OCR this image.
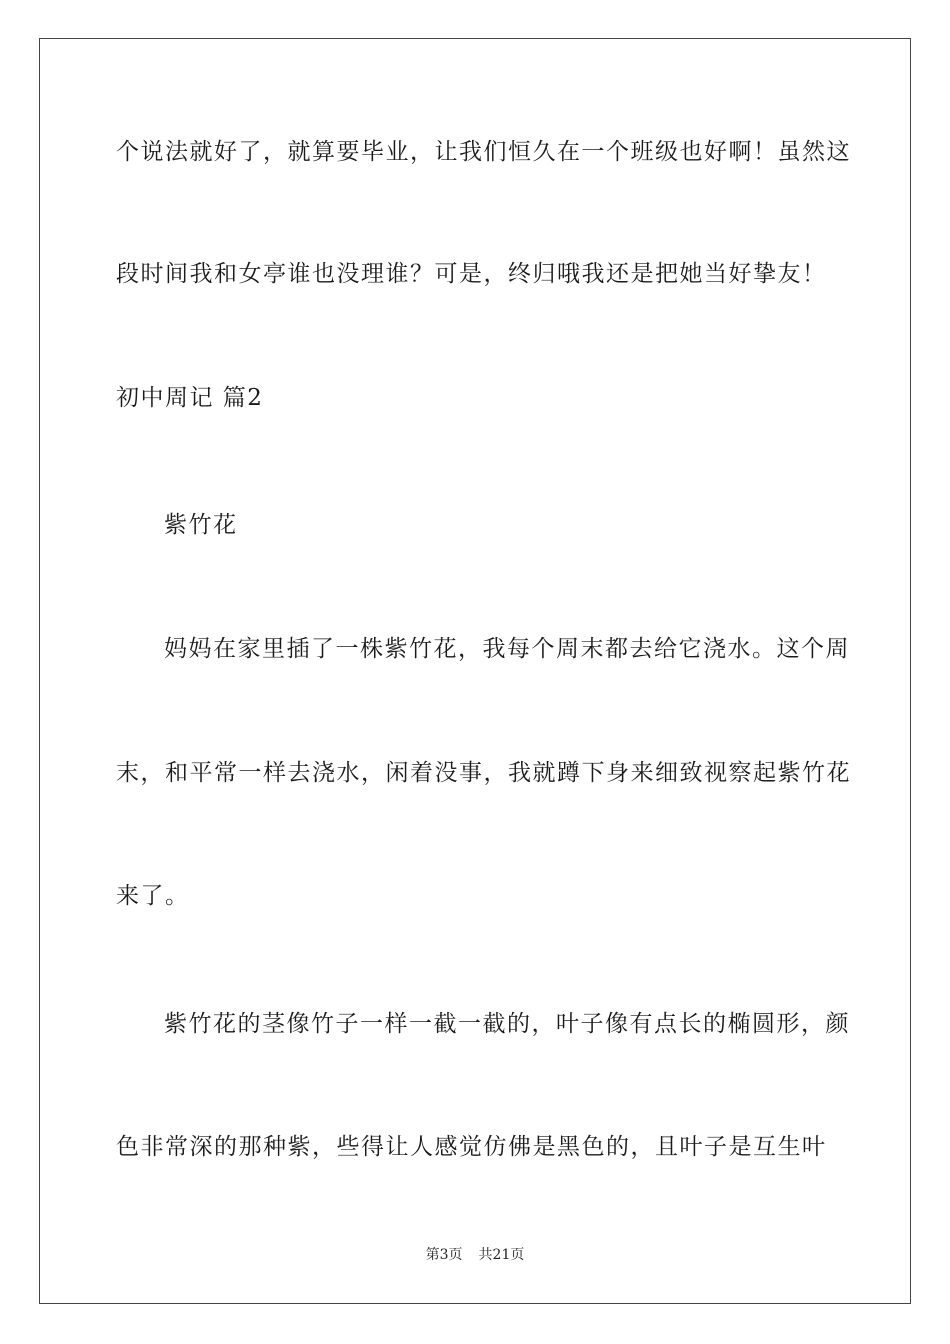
个说法就好了，就算要毕业，让我们恒久在一个班级也好啊！虽然这
段时间我和女亭谁也没理谁？可是，终归哦我还是把她当好挚友！
初中周记 篇2
紫竹花
妈妈在家里插了一株紫竹花，我每个周末都去给它浇水。这个周
末，和平常一样去浇水，闲着没事，我就蹲下身来细致视察起紫竹花
来了。
紫竹花的茎像竹子一样一截一截的，叶子像有点长的椭圆形，颜
色非常深的那种紫，些得让人感觉仿佛是黑色的，且叶子是互生叶
第3页 共21页
